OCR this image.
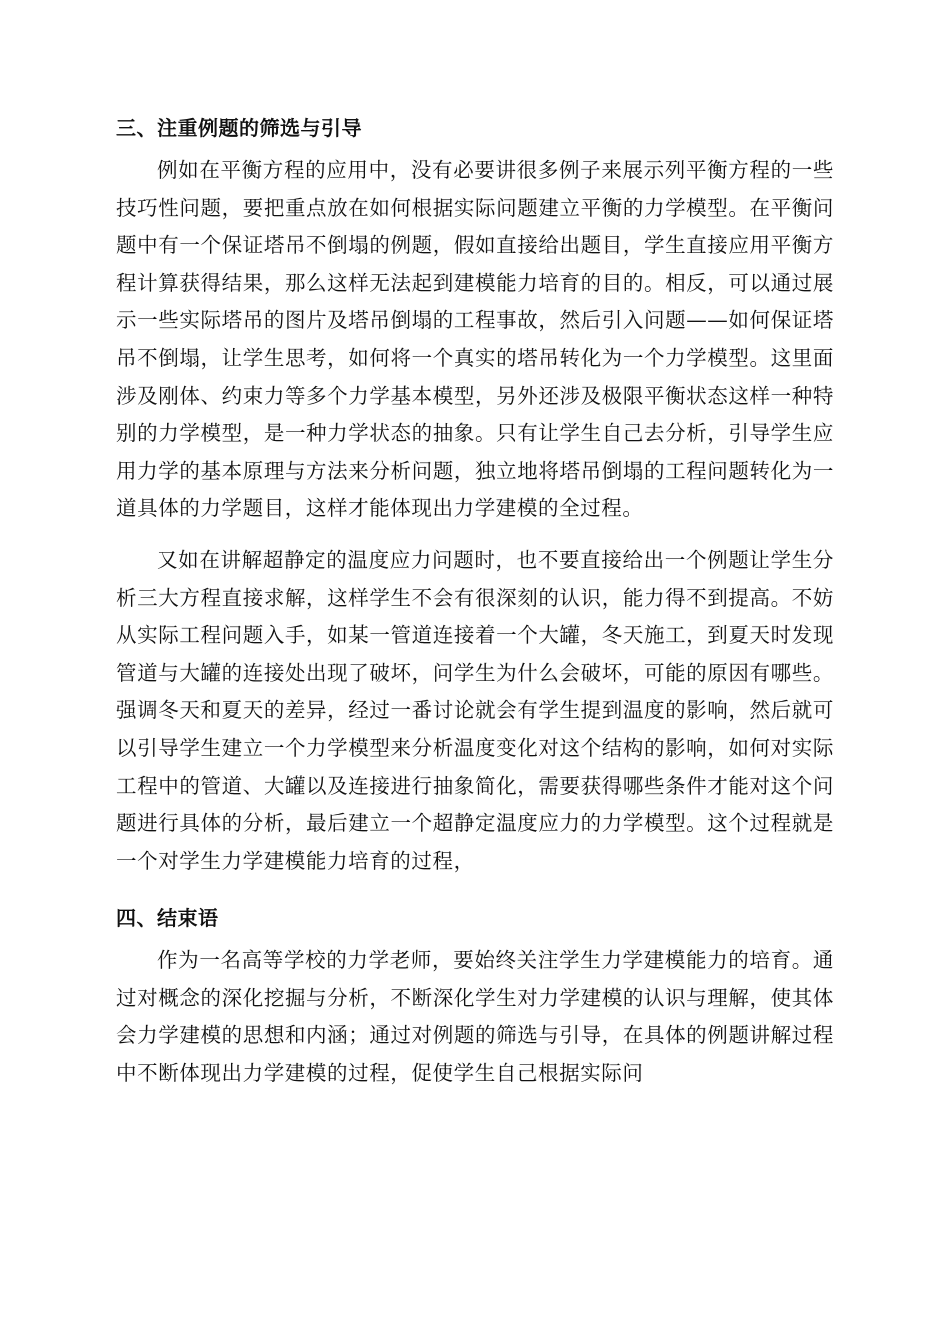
三、注重例题的筛选与引导

例如在平衡方程的应用中，没有必要讲很多例子来展示列平衡方程的一些技巧性问题，要把重点放在如何根据实际问题建立平衡的力学模型。在平衡问题中有一个保证塔吊不倒塌的例题，假如直接给出题目，学生直接应用平衡方程计算获得结果，那么这样无法起到建模能力培育的目的。相反，可以通过展示一些实际塔吊的图片及塔吊倒塌的工程事故，然后引入问题——如何保证塔吊不倒塌，让学生思考，如何将一个真实的塔吊转化为一个力学模型。这里面涉及刚体、约束力等多个力学基本模型，另外还涉及极限平衡状态这样一种特别的力学模型，是一种力学状态的抽象。只有让学生自己去分析，引导学生应用力学的基本原理与方法来分析问题，独立地将塔吊倒塌的工程问题转化为一道具体的力学题目，这样才能体现出力学建模的全过程。

又如在讲解超静定的温度应力问题时，也不要直接给出一个例题让学生分析三大方程直接求解，这样学生不会有很深刻的认识，能力得不到提高。不妨从实际工程问题入手，如某一管道连接着一个大罐，冬天施工，到夏天时发现管道与大罐的连接处出现了破坏，问学生为什么会破坏，可能的原因有哪些。强调冬天和夏天的差异，经过一番讨论就会有学生提到温度的影响，然后就可以引导学生建立一个力学模型来分析温度变化对这个结构的影响，如何对实际工程中的管道、大罐以及连接进行抽象简化，需要获得哪些条件才能对这个问题进行具体的分析，最后建立一个超静定温度应力的力学模型。这个过程就是一个对学生力学建模能力培育的过程，

四、结束语

作为一名高等学校的力学老师，要始终关注学生力学建模能力的培育。通过对概念的深化挖掘与分析，不断深化学生对力学建模的认识与理解，使其体会力学建模的思想和内涵；通过对例题的筛选与引导，在具体的例题讲解过程中不断体现出力学建模的过程，促使学生自己根据实际问
